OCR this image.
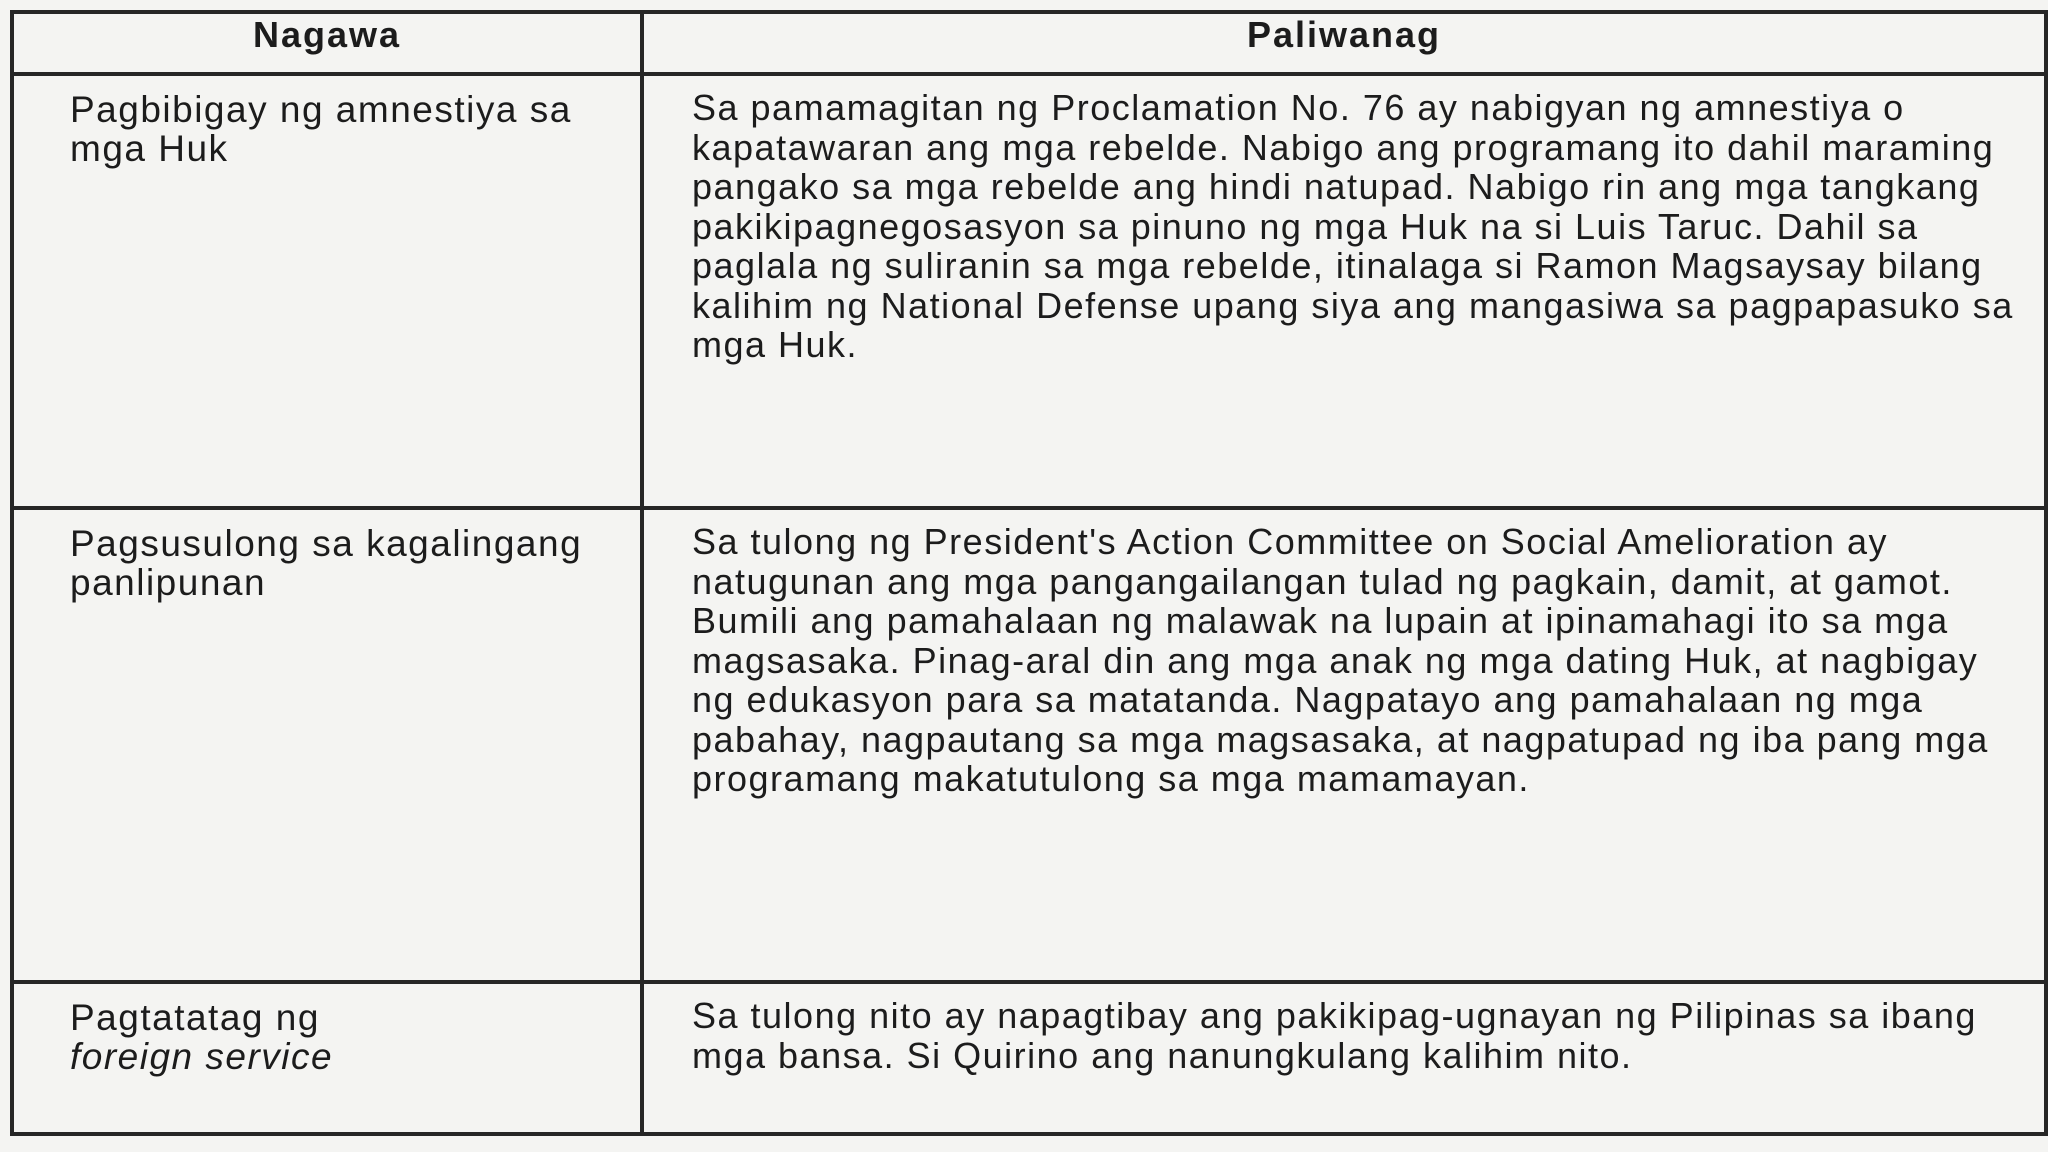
Nagawa	Paliwanag

Pagbibigay ng amnestiya sa mga Huk	Sa pamamagitan ng Proclamation No. 76 ay nabigyan ng amnestiya o kapatawaran ang mga rebelde. Nabigo ang programang ito dahil maraming pangako sa mga rebelde ang hindi natupad. Nabigo rin ang mga tangkang pakikipagnegosasyon sa pinuno ng mga Huk na si Luis Taruc. Dahil sa paglala ng suliranin sa mga rebelde, itinalaga si Ramon Magsaysay bilang kalihim ng National Defense upang siya ang mangasiwa sa pagpapasuko sa mga Huk.

Pagsusulong sa kagalingang panlipunan	Sa tulong ng President's Action Committee on Social Amelioration ay natugunan ang mga pangangailangan tulad ng pagkain, damit, at gamot. Bumili ang pamahalaan ng malawak na lupain at ipinamahagi ito sa mga magsasaka. Pinag-aral din ang mga anak ng mga dating Huk, at nagbigay ng edukasyon para sa matatanda. Nagpatayo ang pamahalaan ng mga pabahay, nagpautang sa mga magsasaka, at nagpatupad ng iba pang mga programang makatutulong sa mga mamamayan.

Pagtatatag ng
foreign service	Sa tulong nito ay napagtibay ang pakikipag-ugnayan ng Pilipinas sa ibang mga bansa. Si Quirino ang nanungkulang kalihim nito.
